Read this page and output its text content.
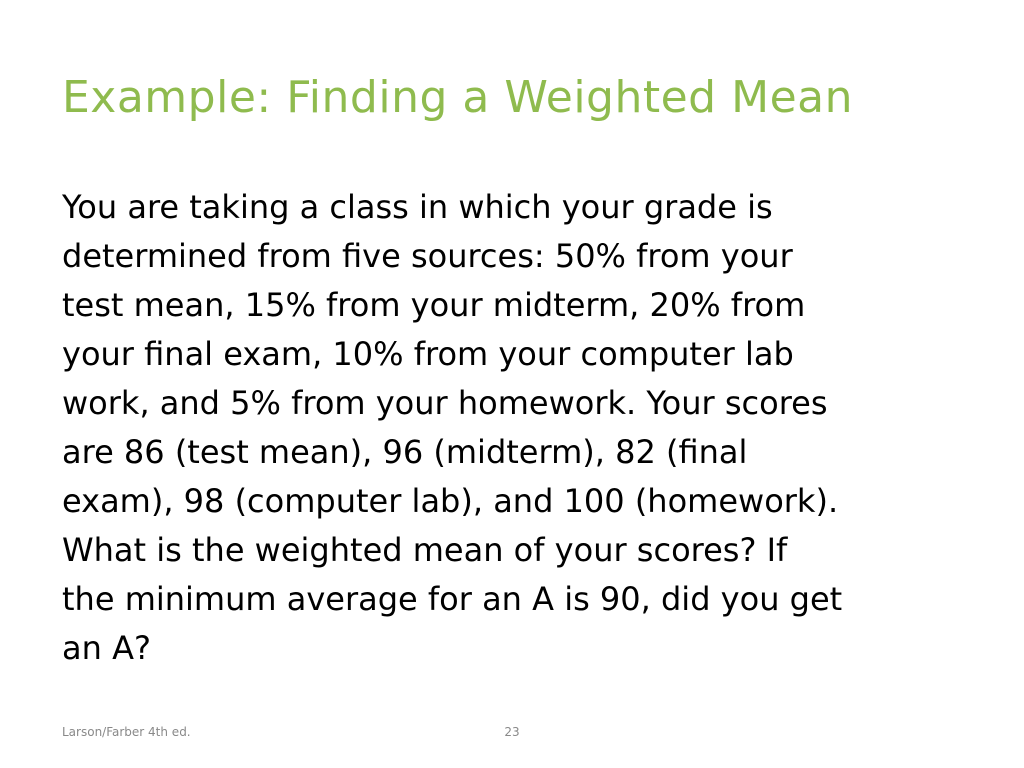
Example: Finding a Weighted Mean
You are taking a class in which your grade is
determined from five sources: 50% from your
test mean, 15% from your midterm, 20% from
your final exam, 10% from your computer lab
work, and 5% from your homework. Your scores
are 86 (test mean), 96 (midterm), 82 (final
exam), 98 (computer lab), and 100 (homework).
What is the weighted mean of your scores? If
the minimum average for an A is 90, did you get
an A?
Larson/Farber 4th ed.	23
